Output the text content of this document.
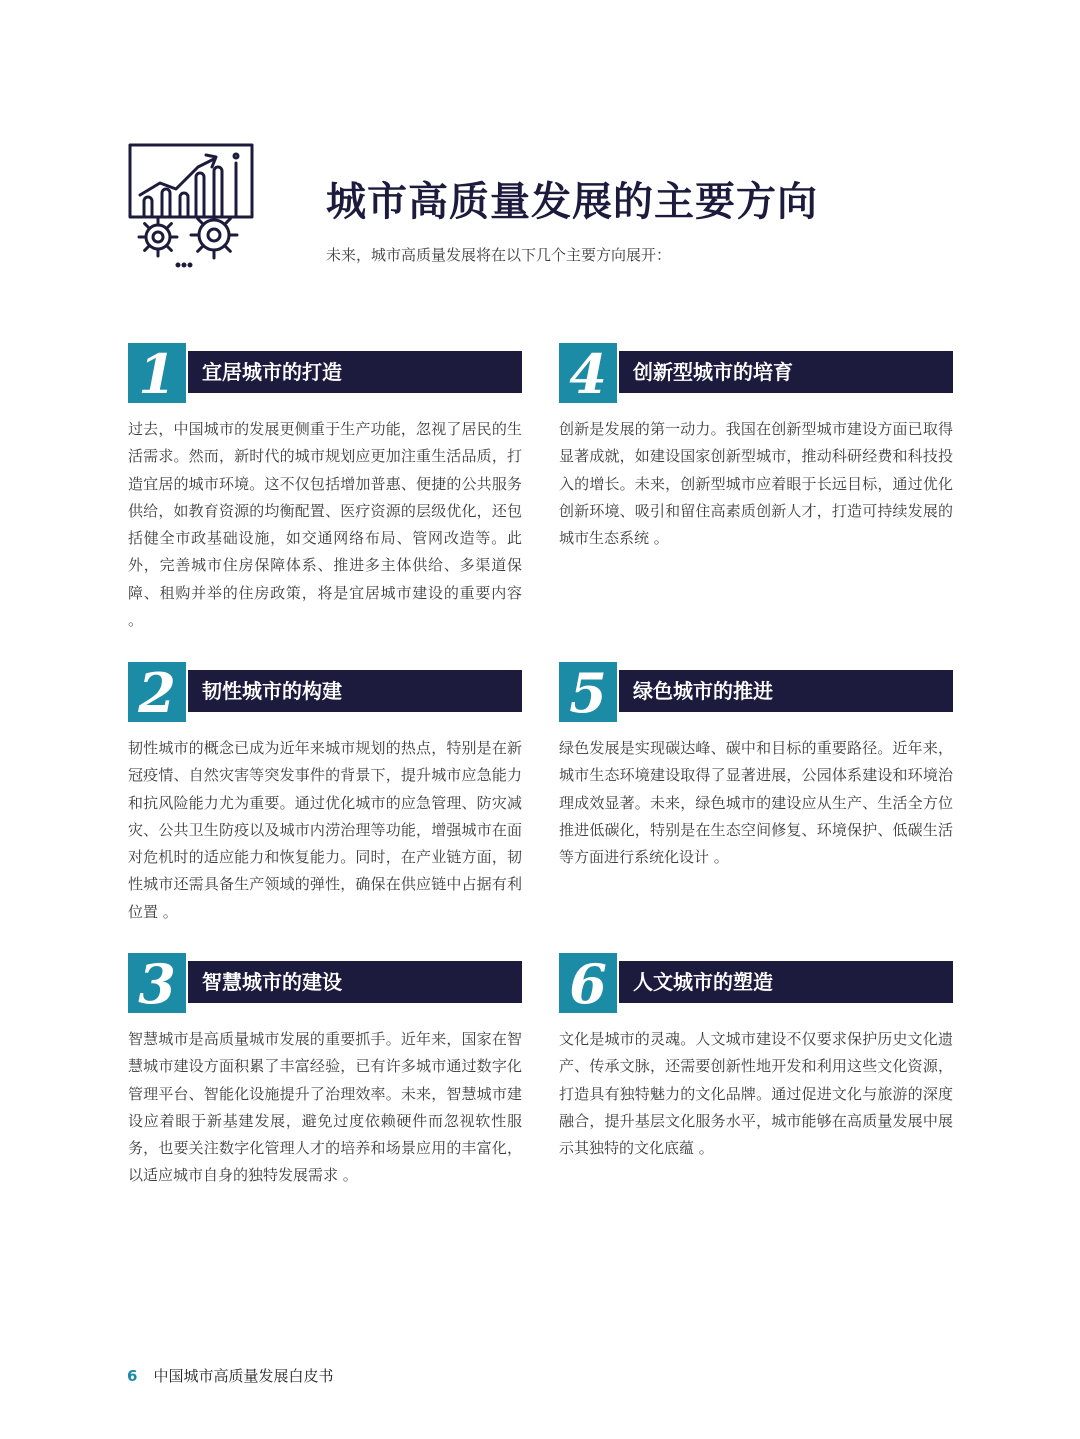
城市高质量发展的主要方向

未来，城市高质量发展将在以下几个主要方向展开：

1	宜居城市的打造

过去，中国城市的发展更侧重于生产功能，忽视了居民的生活需求。然而，新时代的城市规划应更加注重生活品质，打造宜居的城市环境。这不仅包括增加普惠、便捷的公共服务供给，如教育资源的均衡配置、医疗资源的层级优化，还包括健全市政基础设施，如交通网络布局、管网改造等。此外，完善城市住房保障体系、推进多主体供给、多渠道保障、租购并举的住房政策，将是宜居城市建设的重要内容 。

2	韧性城市的构建

韧性城市的概念已成为近年来城市规划的热点，特别是在新冠疫情、自然灾害等突发事件的背景下，提升城市应急能力和抗风险能力尤为重要。通过优化城市的应急管理、防灾减灾、公共卫生防疫以及城市内涝治理等功能，增强城市在面对危机时的适应能力和恢复能力。同时，在产业链方面，韧性城市还需具备生产领域的弹性，确保在供应链中占据有利位置 。

3	智慧城市的建设

智慧城市是高质量城市发展的重要抓手。近年来，国家在智慧城市建设方面积累了丰富经验，已有许多城市通过数字化管理平台、智能化设施提升了治理效率。未来，智慧城市建设应着眼于新基建发展，避免过度依赖硬件而忽视软性服务，也要关注数字化管理人才的培养和场景应用的丰富化，以适应城市自身的独特发展需求 。

4	创新型城市的培育

创新是发展的第一动力。我国在创新型城市建设方面已取得显著成就，如建设国家创新型城市，推动科研经费和科技投入的增长。未来，创新型城市应着眼于长远目标，通过优化创新环境、吸引和留住高素质创新人才，打造可持续发展的城市生态系统 。

5	绿色城市的推进

绿色发展是实现碳达峰、碳中和目标的重要路径。近年来，城市生态环境建设取得了显著进展，公园体系建设和环境治理成效显著。未来，绿色城市的建设应从生产、生活全方位推进低碳化，特别是在生态空间修复、环境保护、低碳生活等方面进行系统化设计 。

6	人文城市的塑造

文化是城市的灵魂。人文城市建设不仅要求保护历史文化遗产、传承文脉，还需要创新性地开发和利用这些文化资源，打造具有独特魅力的文化品牌。通过促进文化与旅游的深度融合，提升基层文化服务水平，城市能够在高质量发展中展示其独特的文化底蕴 。

6 中国城市高质量发展白皮书
